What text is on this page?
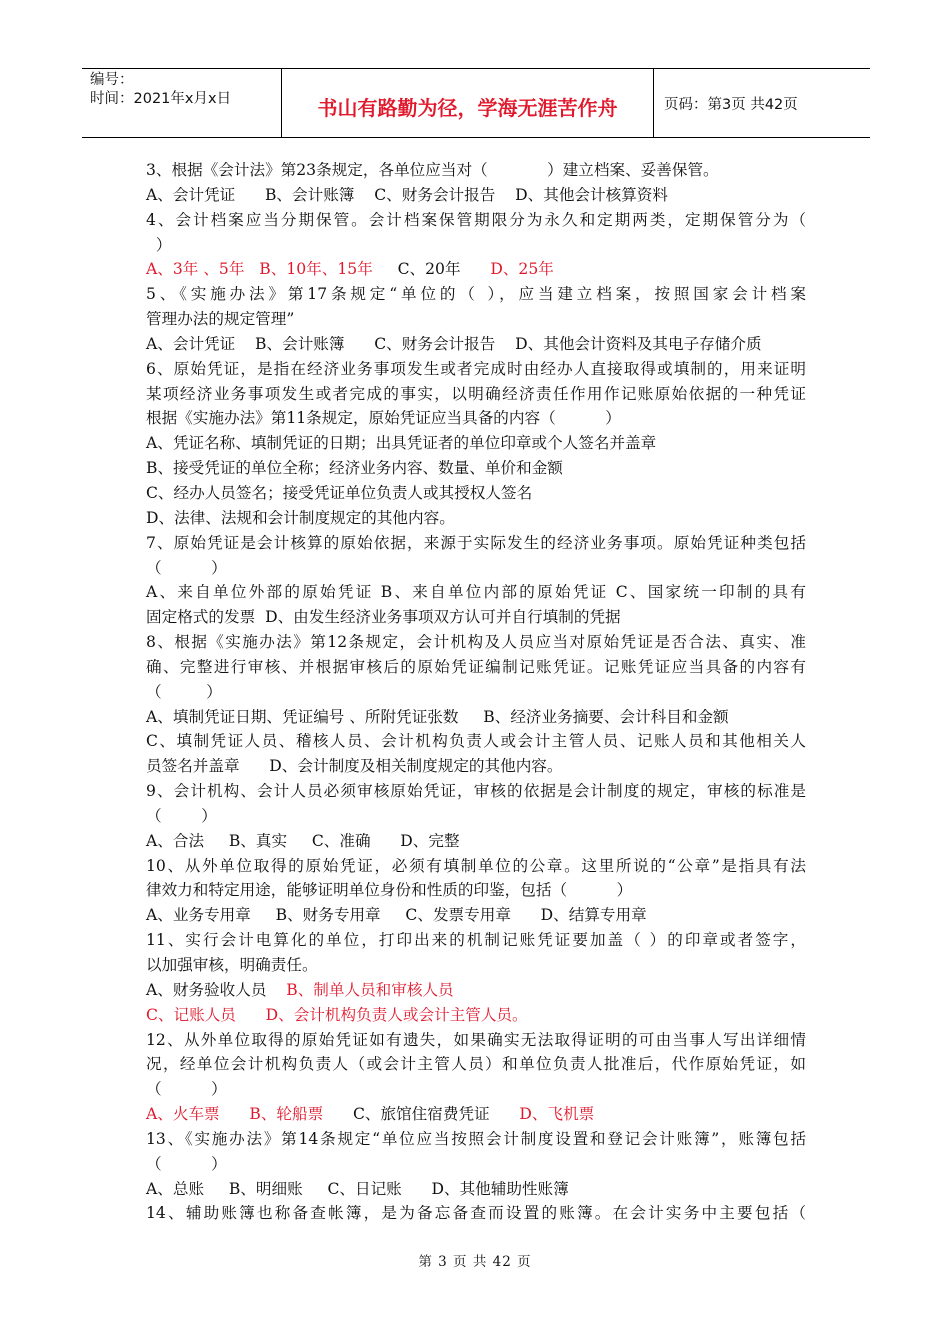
编号：
时间：2021年x月x日	书山有路勤为径，学海无涯苦作舟	页码：第3页 共42页
3、根据《会计法》第23条规定，各单位应当对（            ）建立档案、妥善保管。
A、会计凭证      B、会计账簿    C、财务会计报告    D、其他会计核算资料
4、会计档案应当分期保管。会计档案保管期限分为永久和定期两类，定期保管分为（
）
A、3年 、5年   B、10年、15年     C、20年      D、25年
5、《实施办法》第17条规定“单位的（ ），应当建立档案，按照国家会计档案
管理办法的规定管理”
A、会计凭证    B、会计账簿      C、财务会计报告    D、其他会计资料及其电子存储介质
6、原始凭证，是指在经济业务事项发生或者完成时由经办人直接取得或填制的，用来证明
某项经济业务事项发生或者完成的事实，以明确经济责任作用作记账原始依据的一种凭证
根据《实施办法》第11条规定，原始凭证应当具备的内容（          ）
A、凭证名称、填制凭证的日期；出具凭证者的单位印章或个人签名并盖章
B、接受凭证的单位全称；经济业务内容、数量、单价和金额
C、经办人员签名；接受凭证单位负责人或其授权人签名
D、法律、法规和会计制度规定的其他内容。
7、原始凭证是会计核算的原始依据，来源于实际发生的经济业务事项。原始凭证种类包括
（          ）
A、来自单位外部的原始凭证 B、来自单位内部的原始凭证 C、国家统一印制的具有
固定格式的发票  D、由发生经济业务事项双方认可并自行填制的凭据
8、根据《实施办法》第12条规定，会计机构及人员应当对原始凭证是否合法、真实、准
确、完整进行审核、并根据审核后的原始凭证编制记账凭证。记账凭证应当具备的内容有
（         ）
A、填制凭证日期、凭证编号 、所附凭证张数     B、经济业务摘要、会计科目和金额
C、填制凭证人员、稽核人员、会计机构负责人或会计主管人员、记账人员和其他相关人
员签名并盖章      D、会计制度及相关制度规定的其他内容。
9、会计机构、会计人员必须审核原始凭证，审核的依据是会计制度的规定，审核的标准是
（        ）
A、合法     B、真实     C、准确      D、完整
10、从外单位取得的原始凭证，必须有填制单位的公章。这里所说的“公章”是指具有法
律效力和特定用途，能够证明单位身份和性质的印鉴，包括（          ）
A、业务专用章     B、财务专用章     C、发票专用章      D、结算专用章
11、实行会计电算化的单位，打印出来的机制记账凭证要加盖（ ）的印章或者签字，
以加强审核，明确责任。
A、财务验收人员    B、制单人员和审核人员
C、记账人员      D、会计机构负责人或会计主管人员。
12、从外单位取得的原始凭证如有遗失，如果确实无法取得证明的可由当事人写出详细情
况，经单位会计机构负责人（或会计主管人员）和单位负责人批准后，代作原始凭证，如
（          ）
A、火车票      B、轮船票      C、旅馆住宿费凭证      D、飞机票
13、《实施办法》第14条规定“单位应当按照会计制度设置和登记会计账簿”，账簿包括
（          ）
A、总账     B、明细账     C、日记账      D、其他辅助性账簿
14、辅助账簿也称备查帐簿，是为备忘备查而设置的账簿。在会计实务中主要包括（
第 3 页 共 42 页
